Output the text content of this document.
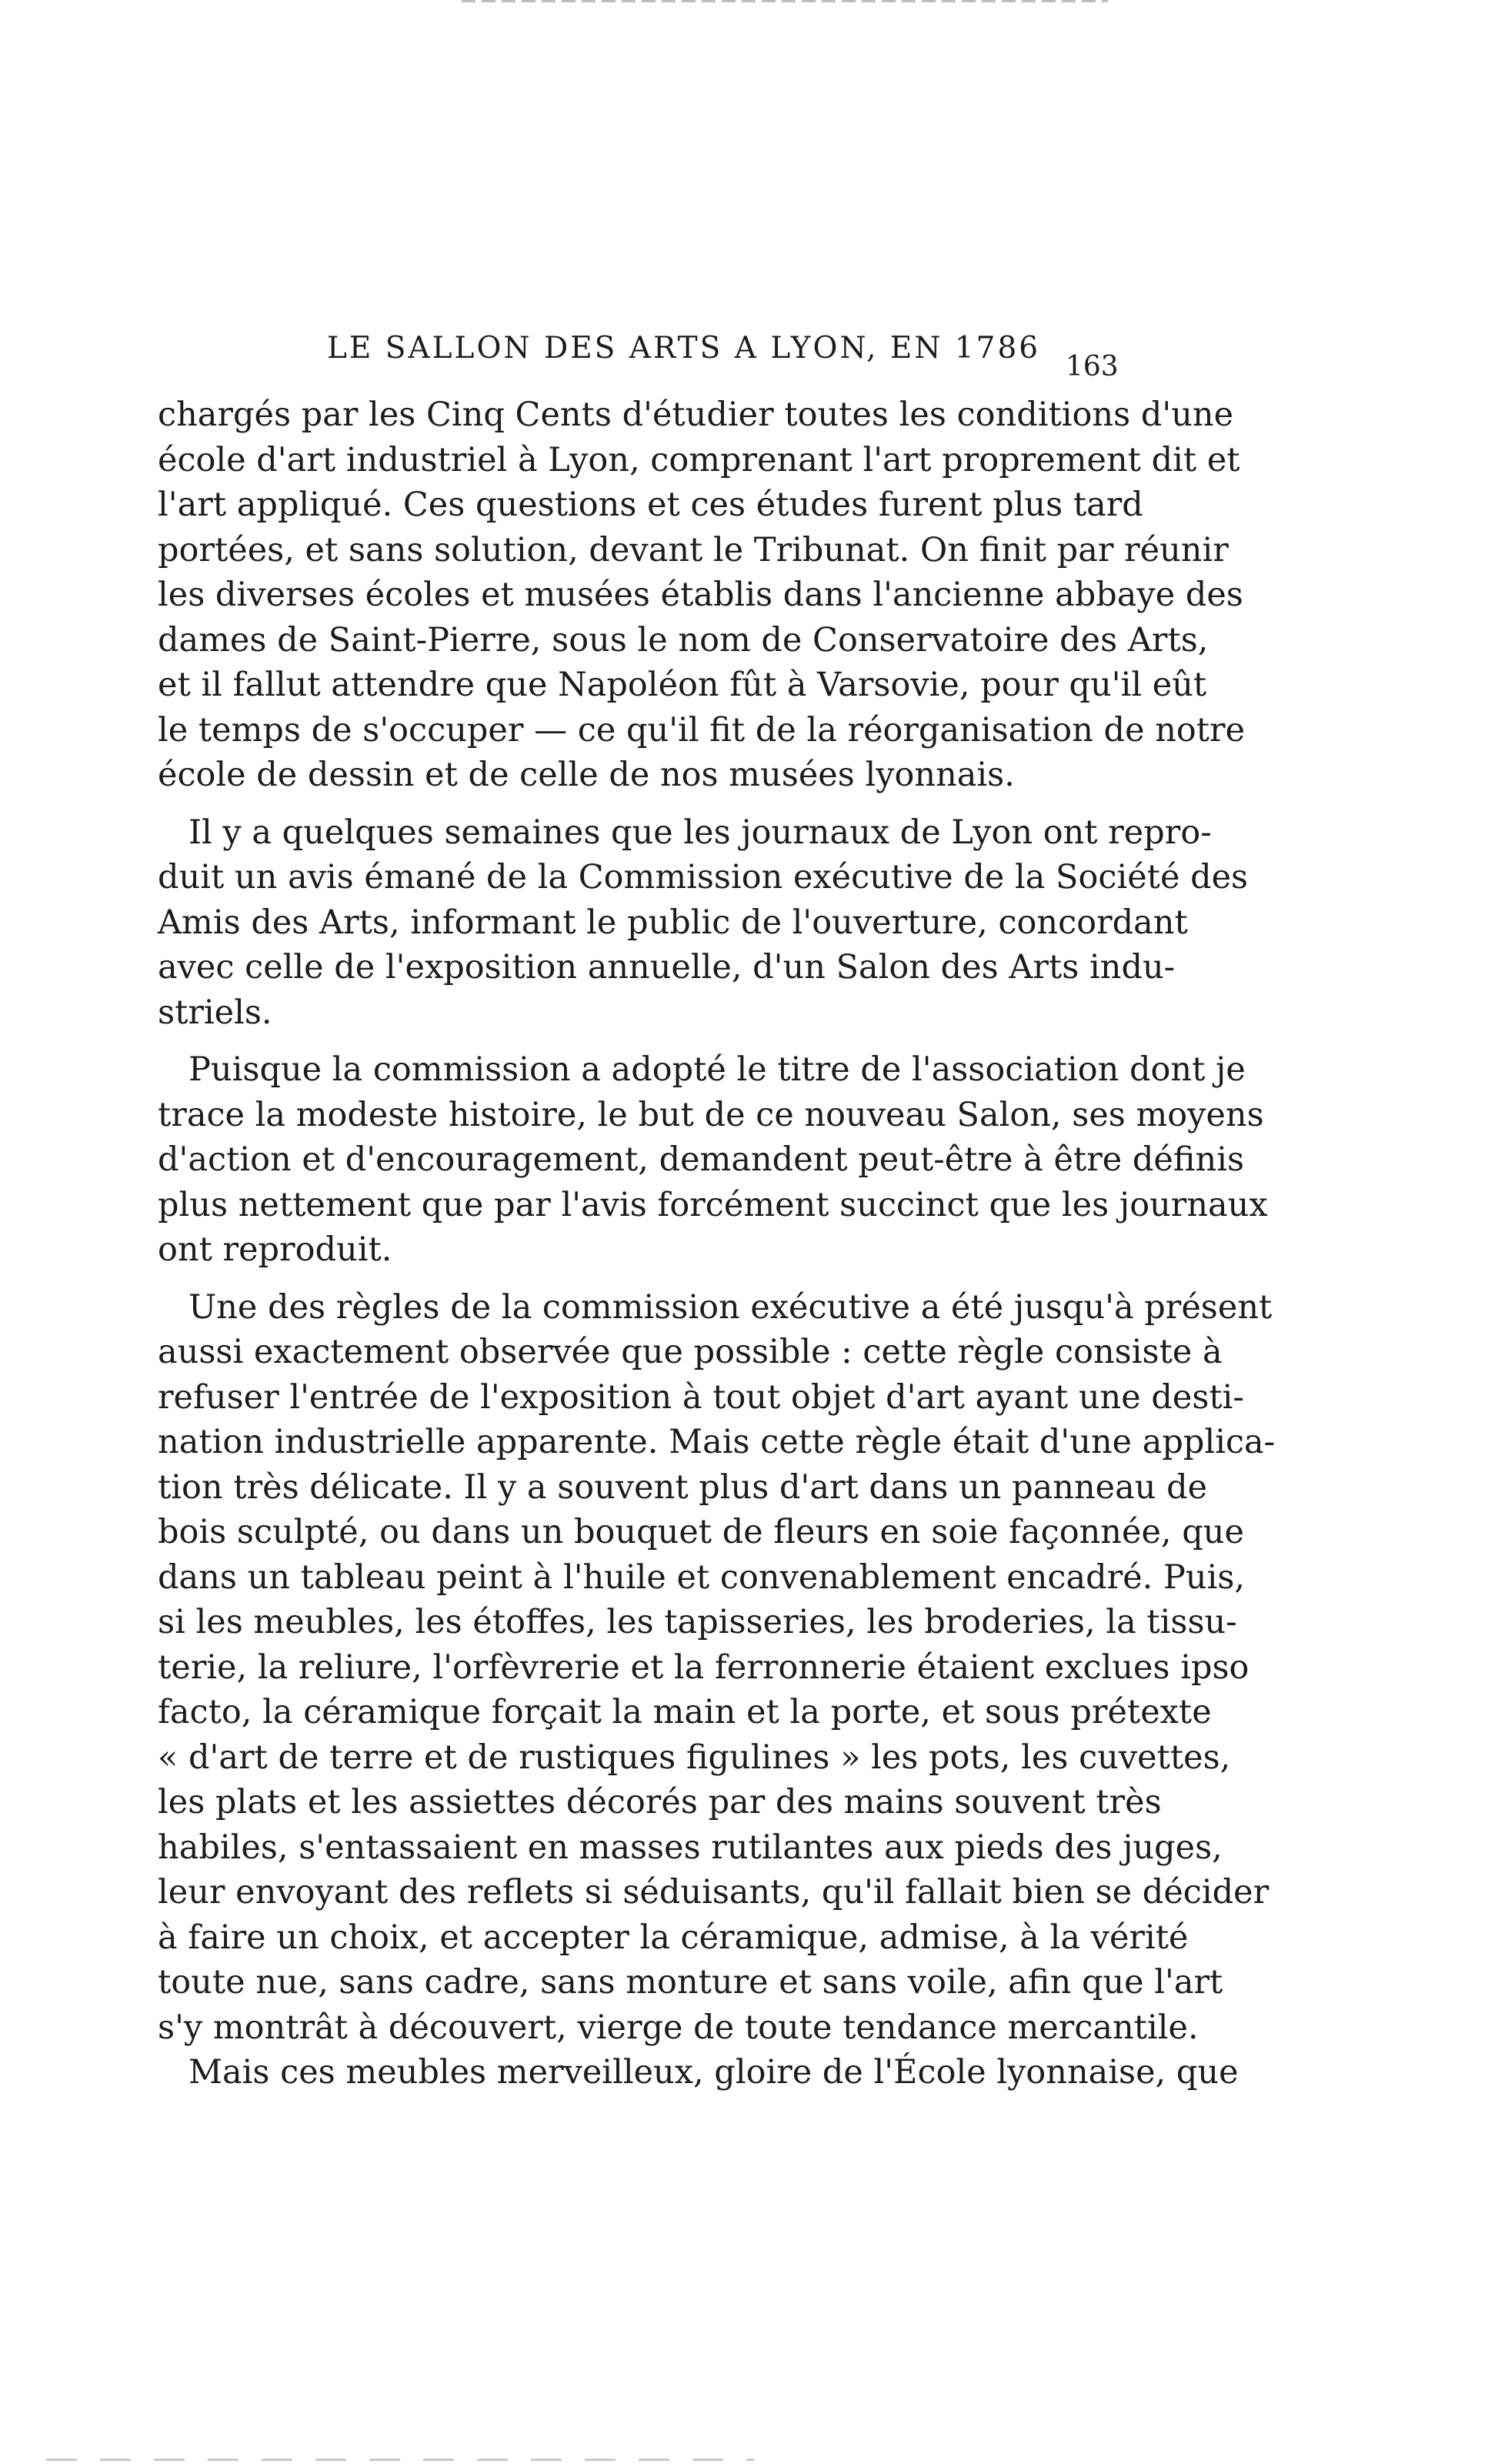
LE SALLON DES ARTS A LYON, EN 1786
163
chargés par les Cinq Cents d'étudier toutes les conditions d'une
école d'art industriel à Lyon, comprenant l'art proprement dit et
l'art appliqué. Ces questions et ces études furent plus tard
portées, et sans solution, devant le Tribunat. On finit par réunir
les diverses écoles et musées établis dans l'ancienne abbaye des
dames de Saint-Pierre, sous le nom de Conservatoire des Arts,
et il fallut attendre que Napoléon fût à Varsovie, pour qu'il eût
le temps de s'occuper — ce qu'il fit de la réorganisation de notre
école de dessin et de celle de nos musées lyonnais.
Il y a quelques semaines que les journaux de Lyon ont repro-
duit un avis émané de la Commission exécutive de la Société des
Amis des Arts, informant le public de l'ouverture, concordant
avec celle de l'exposition annuelle, d'un Salon des Arts indu-
striels.
Puisque la commission a adopté le titre de l'association dont je
trace la modeste histoire, le but de ce nouveau Salon, ses moyens
d'action et d'encouragement, demandent peut-être à être définis
plus nettement que par l'avis forcément succinct que les journaux
ont reproduit.
Une des règles de la commission exécutive a été jusqu'à présent
aussi exactement observée que possible : cette règle consiste à
refuser l'entrée de l'exposition à tout objet d'art ayant une desti-
nation industrielle apparente. Mais cette règle était d'une applica-
tion très délicate. Il y a souvent plus d'art dans un panneau de
bois sculpté, ou dans un bouquet de fleurs en soie façonnée, que
dans un tableau peint à l'huile et convenablement encadré. Puis,
si les meubles, les étoffes, les tapisseries, les broderies, la tissu-
terie, la reliure, l'orfèvrerie et la ferronnerie étaient exclues ipso
facto, la céramique forçait la main et la porte, et sous prétexte
« d'art de terre et de rustiques figulines » les pots, les cuvettes,
les plats et les assiettes décorés par des mains souvent très
habiles, s'entassaient en masses rutilantes aux pieds des juges,
leur envoyant des reflets si séduisants, qu'il fallait bien se décider
à faire un choix, et accepter la céramique, admise, à la vérité
toute nue, sans cadre, sans monture et sans voile, afin que l'art
s'y montrât à découvert, vierge de toute tendance mercantile.
Mais ces meubles merveilleux, gloire de l'École lyonnaise, que
